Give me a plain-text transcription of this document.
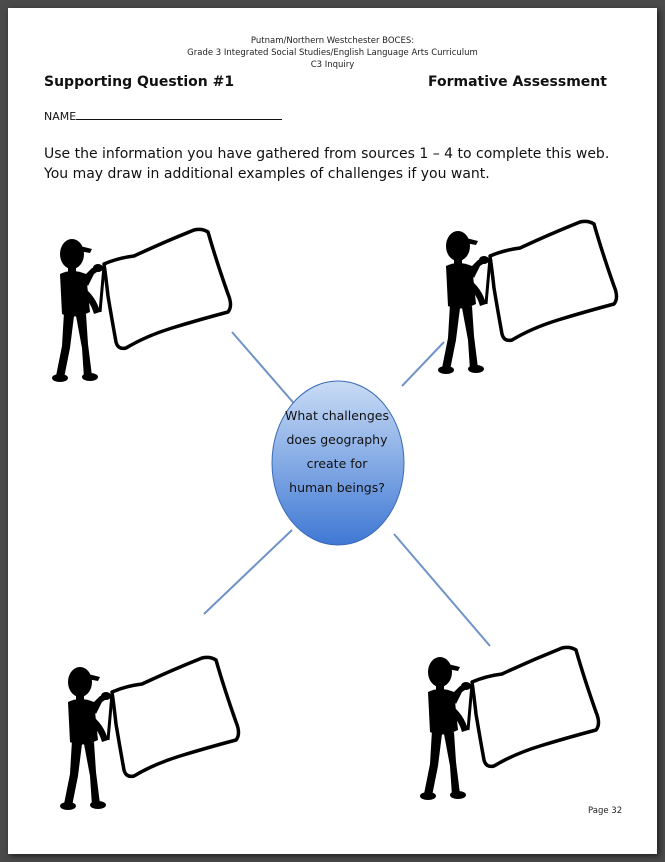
Putnam/Northern Westchester BOCES:
Grade 3 Integrated Social Studies/English Language Arts Curriculum
C3 Inquiry
Supporting Question #1	Formative Assessment
NAME
Use the information you have gathered from sources 1 – 4 to complete this web.
You may draw in additional examples of challenges if you want.
What challenges
does geography
create for
human beings?
Page 32
